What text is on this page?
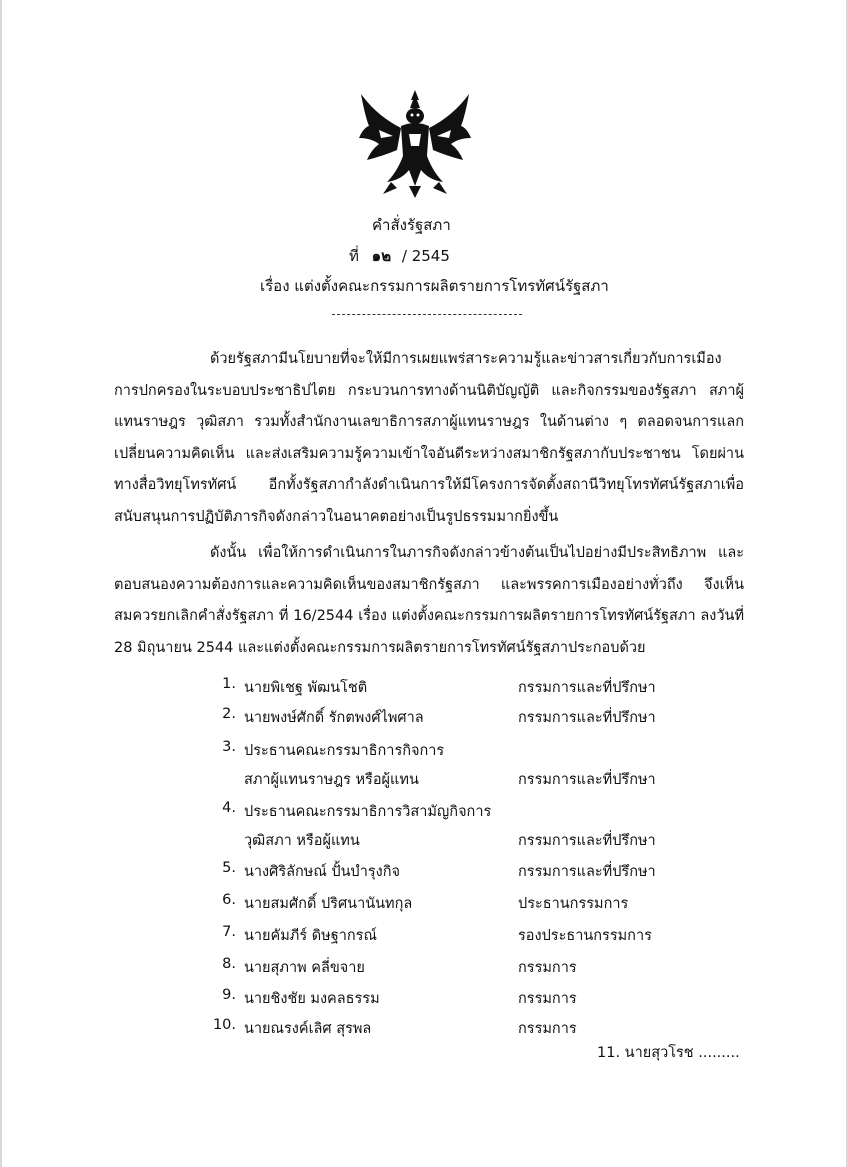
คำสั่งรัฐสภา
ที่ ๑๒ / 2545
เรื่อง แต่งตั้งคณะกรรมการผลิตรายการโทรทัศน์รัฐสภา
ด้วยรัฐสภามีนโยบายที่จะให้มีการเผยแพร่สาระความรู้และข่าวสารเกี่ยวกับการเมืองการปกครองในระบอบประชาธิปไตย กระบวนการทางด้านนิติบัญญัติ และกิจกรรมของรัฐสภา สภาผู้แทนราษฎร วุฒิสภา รวมทั้งสำนักงานเลขาธิการสภาผู้แทนราษฎร ในด้านต่าง ๆ ตลอดจนการแลกเปลี่ยนความคิดเห็น และส่งเสริมความรู้ความเข้าใจอันดีระหว่างสมาชิกรัฐสภากับประชาชน โดยผ่านทางสื่อวิทยุโทรทัศน์ อีกทั้งรัฐสภากำลังดำเนินการให้มีโครงการจัดตั้งสถานีวิทยุโทรทัศน์รัฐสภาเพื่อสนับสนุนการปฏิบัติภารกิจดังกล่าวในอนาคตอย่างเป็นรูปธรรมมากยิ่งขึ้น
ดังนั้น เพื่อให้การดำเนินการในภารกิจดังกล่าวข้างต้นเป็นไปอย่างมีประสิทธิภาพ และตอบสนองความต้องการและความคิดเห็นของสมาชิกรัฐสภา และพรรคการเมืองอย่างทั่วถึง จึงเห็นสมควรยกเลิกคำสั่งรัฐสภา ที่ 16/2544 เรื่อง แต่งตั้งคณะกรรมการผลิตรายการโทรทัศน์รัฐสภา ลงวันที่ 28 มิถุนายน 2544 และแต่งตั้งคณะกรรมการผลิตรายการโทรทัศน์รัฐสภาประกอบด้วย
1. นายพิเชฐ พัฒนโชติ	กรรมการและที่ปรึกษา
2. นายพงษ์ศักดิ์ รักตพงศ์ไพศาล	กรรมการและที่ปรึกษา
3. ประธานคณะกรรมาธิการกิจการ
สภาผู้แทนราษฎร หรือผู้แทน	กรรมการและที่ปรึกษา
4. ประธานคณะกรรมาธิการวิสามัญกิจการ
วุฒิสภา หรือผู้แทน	กรรมการและที่ปรึกษา
5. นางศิริลักษณ์ ปั้นบำรุงกิจ	กรรมการและที่ปรึกษา
6. นายสมศักดิ์ ปริศนานันทกุล	ประธานกรรมการ
7. นายคัมภีร์ ดิษฐากรณ์	รองประธานกรรมการ
8. นายสุภาพ คลี่ขจาย	กรรมการ
9. นายชิงชัย มงคลธรรม	กรรมการ
10. นายณรงค์เลิศ สุรพล	กรรมการ
11. นายสุวโรช .........
